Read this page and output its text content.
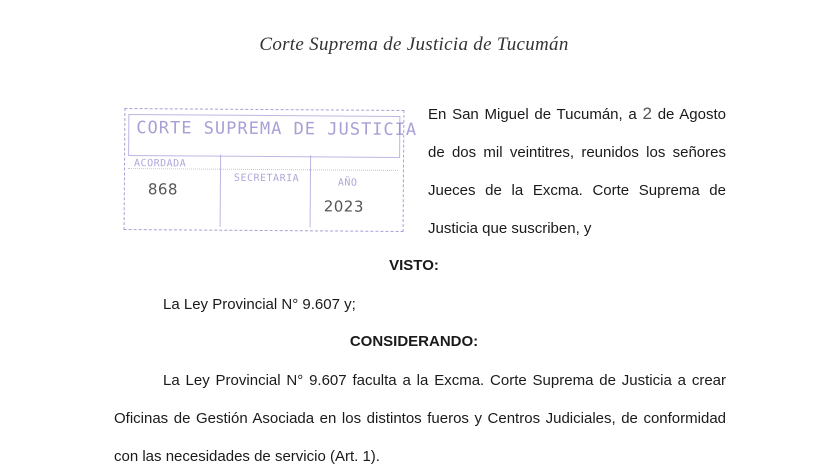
Corte Suprema de Justicia de Tucumán
CORTE SUPREMA DE JUSTICIA
ACORDADA
SECRETARIA	AÑO
868
2023

En San Miguel de Tucumán, a 2 de Agosto de dos mil veintitres, reunidos los señores Jueces de la Excma. Corte Suprema de Justicia que suscriben, y

VISTO:

La Ley Provincial N° 9.607 y;

CONSIDERANDO:

La Ley Provincial N° 9.607 faculta a la Excma. Corte Suprema de Justicia a crear Oficinas de Gestión Asociada en los distintos fueros y Centros Judiciales, de conformidad con las necesidades de servicio (Art. 1).
